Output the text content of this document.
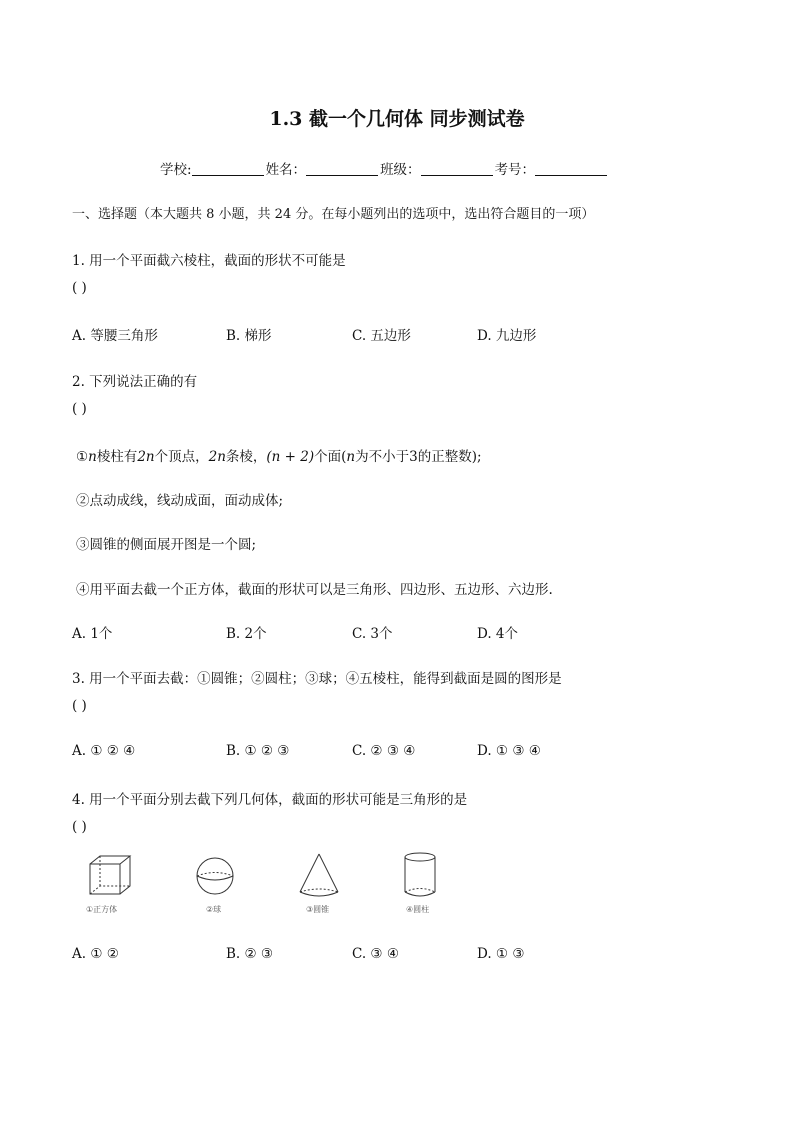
1.3 截一个几何体 同步测试卷
学校:	姓名：	班级：	考号：
一、选择题（本大题共 8 小题，共 24 分。在每小题列出的选项中，选出符合题目的一项）
1. 用一个平面截六棱柱，截面的形状不可能是
( )
A. 等腰三角形	B. 梯形	C. 五边形	D. 九边形
2. 下列说法正确的有
( )
①n棱柱有2n个顶点，2n条棱，(n + 2)个面(n为不小于3的正整数);
②点动成线，线动成面，面动成体;
③圆锥的侧面展开图是一个圆;
④用平面去截一个正方体，截面的形状可以是三角形、四边形、五边形、六边形.
A. 1个	B. 2个	C. 3个	D. 4个
3. 用一个平面去截：①圆锥；②圆柱；③球；④五棱柱，能得到截面是圆的图形是
( )
A. ① ② ④	B. ① ② ③	C. ② ③ ④	D. ① ③ ④
4. 用一个平面分别去截下列几何体，截面的形状可能是三角形的是
( )
①正方体	②球	③圆锥	④圆柱
A. ① ②	B. ② ③	C. ③ ④	D. ① ③
